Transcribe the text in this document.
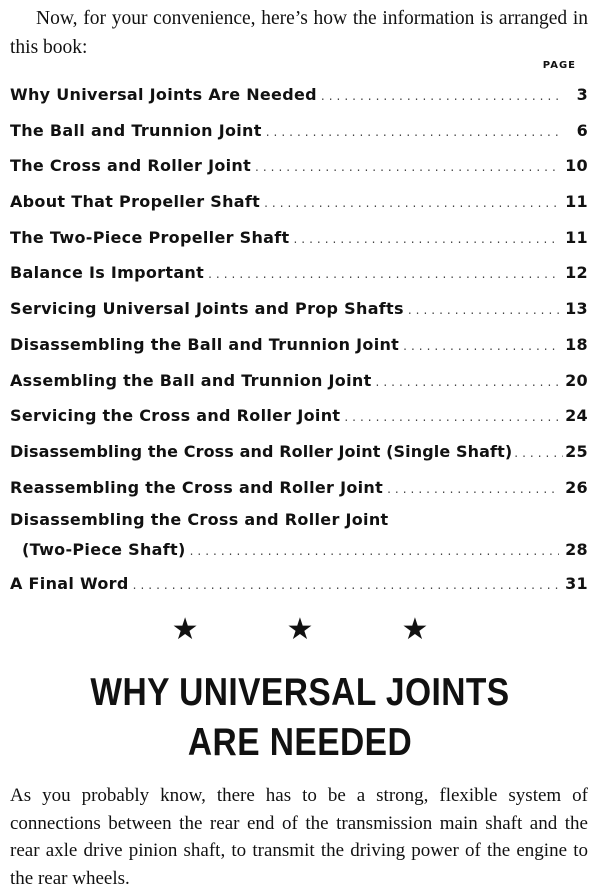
Now, for your convenience, here’s how the information is arranged in this book:
PAGE
Why Universal Joints Are Needed .....	3
The Ball and Trunnion Joint .....	6
The Cross and Roller Joint .....	10
About That Propeller Shaft .....	11
The Two-Piece Propeller Shaft .....	11
Balance Is Important .....	12
Servicing Universal Joints and Prop Shafts .....	13
Disassembling the Ball and Trunnion Joint .....	18
Assembling the Ball and Trunnion Joint .....	20
Servicing the Cross and Roller Joint .....	24
Disassembling the Cross and Roller Joint (Single Shaft) .....	25
Reassembling the Cross and Roller Joint .....	26
Disassembling the Cross and Roller Joint
(Two-Piece Shaft) .....	28
A Final Word .....	31
★	★	★
WHY UNIVERSAL JOINTS
ARE NEEDED
As you probably know, there has to be a strong, flexible system of connections between the rear end of the transmission main shaft and the rear axle drive pinion shaft, to transmit the driving power of the engine to the rear wheels.
